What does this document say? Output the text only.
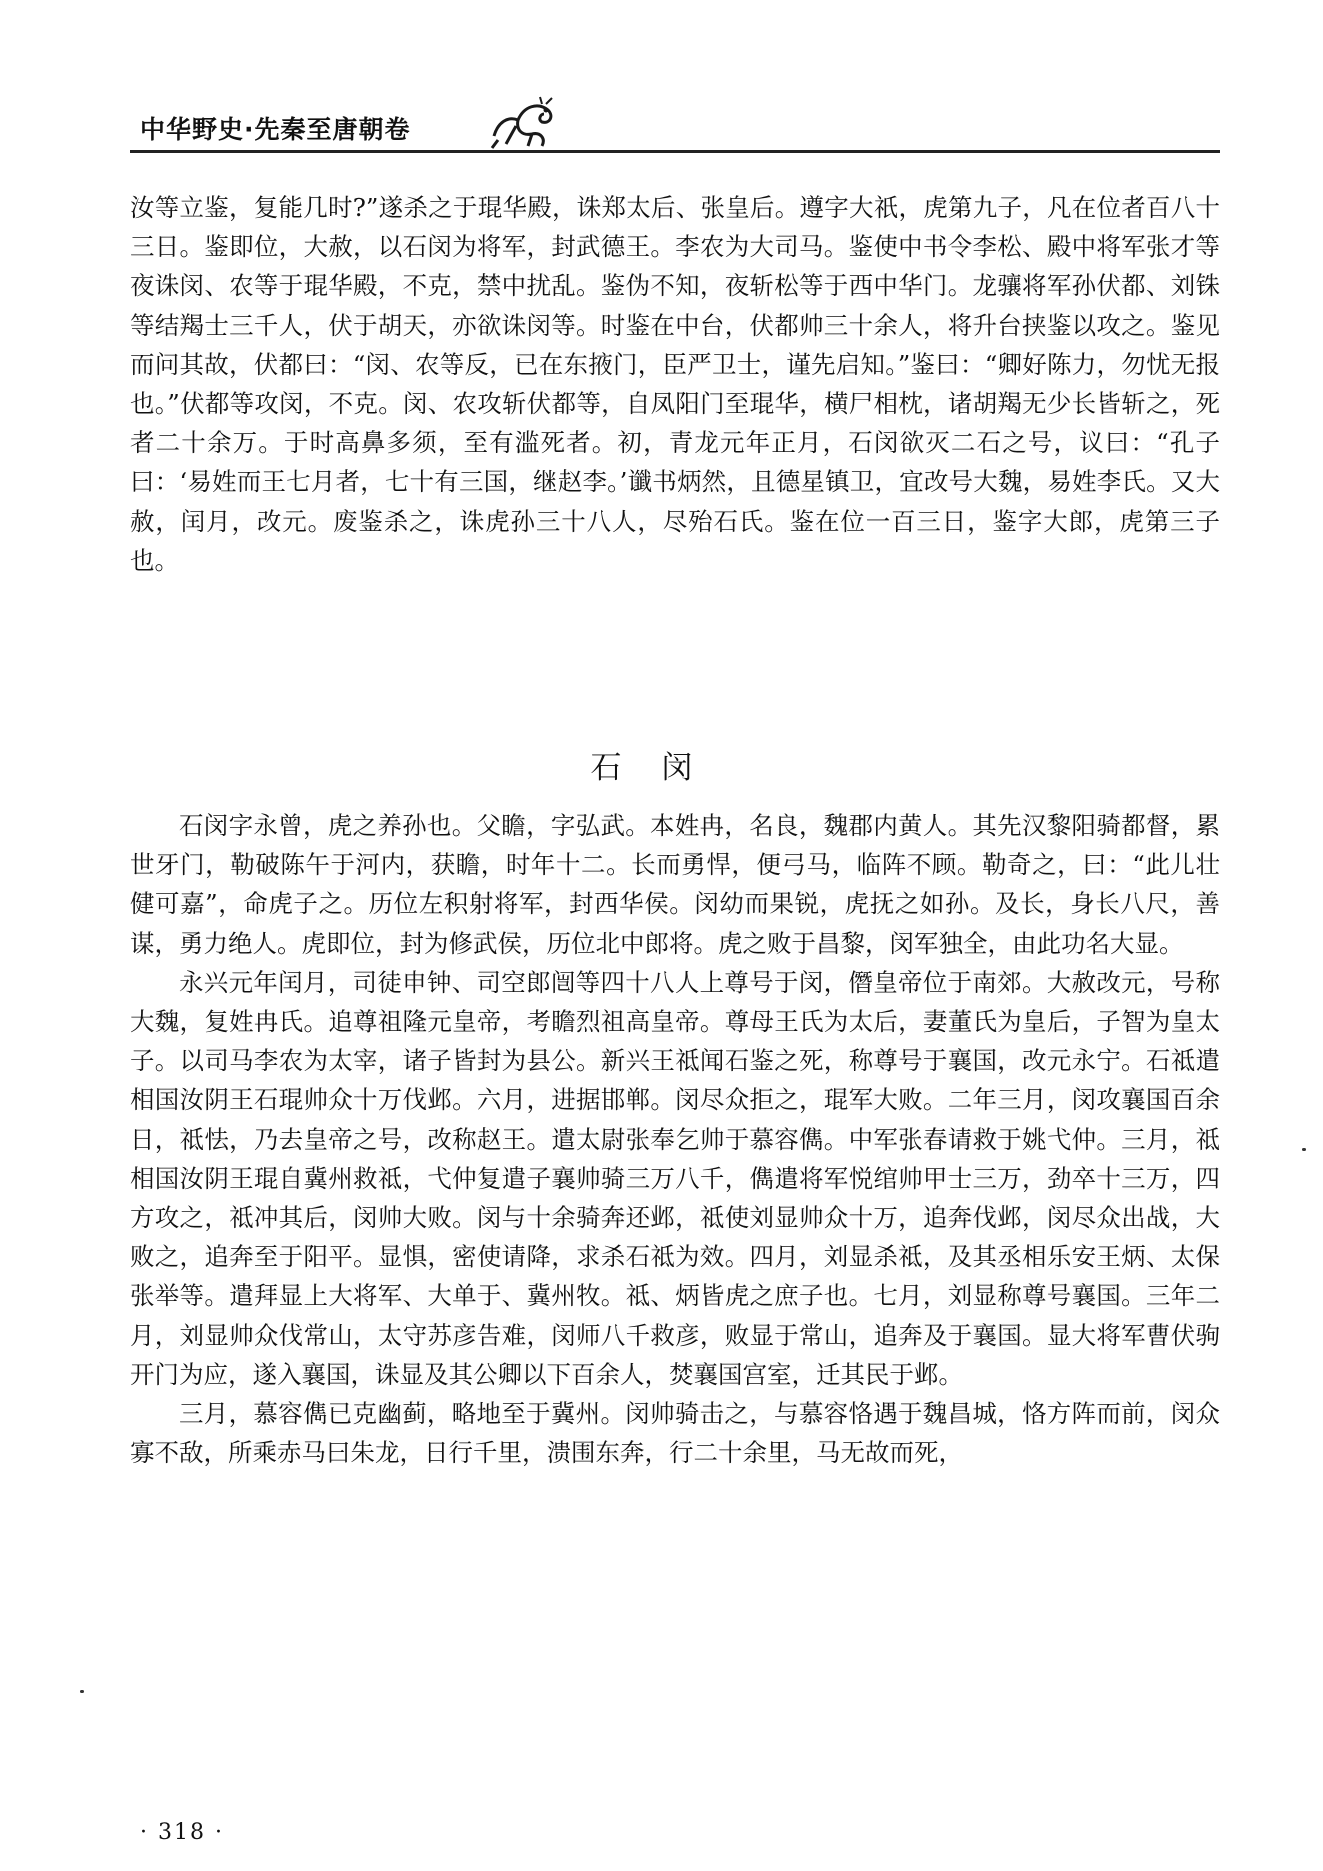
中华野史·先秦至唐朝卷

汝等立鉴，复能几时?”遂杀之于琨华殿，诛郑太后、张皇后。遵字大祇，虎第九子，凡在位者百八十三日。鉴即位，大赦，以石闵为将军，封武德王。李农为大司马。鉴使中书令李松、殿中将军张才等夜诛闵、农等于琨华殿，不克，禁中扰乱。鉴伪不知，夜斩松等于西中华门。龙骧将军孙伏都、刘铢等结羯士三千人，伏于胡天，亦欲诛闵等。时鉴在中台，伏都帅三十余人，将升台挟鉴以攻之。鉴见而问其故，伏都曰：“闵、农等反，已在东掖门，臣严卫士，谨先启知。”鉴曰：“卿好陈力，勿忧无报也。”伏都等攻闵，不克。闵、农攻斩伏都等，自凤阳门至琨华，横尸相枕，诸胡羯无少长皆斩之，死者二十余万。于时高鼻多须，至有滥死者。初，青龙元年正月，石闵欲灭二石之号，议曰：“孔子曰：‘易姓而王七月者，七十有三国，继赵李。’谶书炳然，且德星镇卫，宜改号大魏，易姓李氏。又大赦，闰月，改元。废鉴杀之，诛虎孙三十八人，尽殆石氏。鉴在位一百三日，鉴字大郎，虎第三子也。

石闵

石闵字永曾，虎之养孙也。父瞻，字弘武。本姓冉，名良，魏郡内黄人。其先汉黎阳骑都督，累世牙门，勒破陈午于河内，获瞻，时年十二。长而勇悍，便弓马，临阵不顾。勒奇之，曰：“此儿壮健可嘉”，命虎子之。历位左积射将军，封西华侯。闵幼而果锐，虎抚之如孙。及长，身长八尺，善谋，勇力绝人。虎即位，封为修武侯，历位北中郎将。虎之败于昌黎，闵军独全，由此功名大显。

永兴元年闰月，司徒申钟、司空郎闿等四十八人上尊号于闵，僭皇帝位于南郊。大赦改元，号称大魏，复姓冉氏。追尊祖隆元皇帝，考瞻烈祖高皇帝。尊母王氏为太后，妻董氏为皇后，子智为皇太子。以司马李农为太宰，诸子皆封为县公。新兴王祗闻石鉴之死，称尊号于襄国，改元永宁。石祗遣相国汝阴王石琨帅众十万伐邺。六月，进据邯郸。闵尽众拒之，琨军大败。二年三月，闵攻襄国百余日，祗怯，乃去皇帝之号，改称赵王。遣太尉张奉乞帅于慕容儁。中军张春请救于姚弋仲。三月，祗相国汝阴王琨自冀州救祗，弋仲复遣子襄帅骑三万八千，儁遣将军悦绾帅甲士三万，劲卒十三万，四方攻之，祗冲其后，闵帅大败。闵与十余骑奔还邺，祗使刘显帅众十万，追奔伐邺，闵尽众出战，大败之，追奔至于阳平。显惧，密使请降，求杀石祗为效。四月，刘显杀祗，及其丞相乐安王炳、太保张举等。遣拜显上大将军、大单于、冀州牧。祗、炳皆虎之庶子也。七月，刘显称尊号襄国。三年二月，刘显帅众伐常山，太守苏彦告难，闵师八千救彦，败显于常山，追奔及于襄国。显大将军曹伏驹开门为应，遂入襄国，诛显及其公卿以下百余人，焚襄国宫室，迁其民于邺。

三月，慕容儁已克幽蓟，略地至于冀州。闵帅骑击之，与慕容恪遇于魏昌城，恪方阵而前，闵众寡不敌，所乘赤马曰朱龙，日行千里，溃围东奔，行二十余里，马无故而死，

· 318 ·
